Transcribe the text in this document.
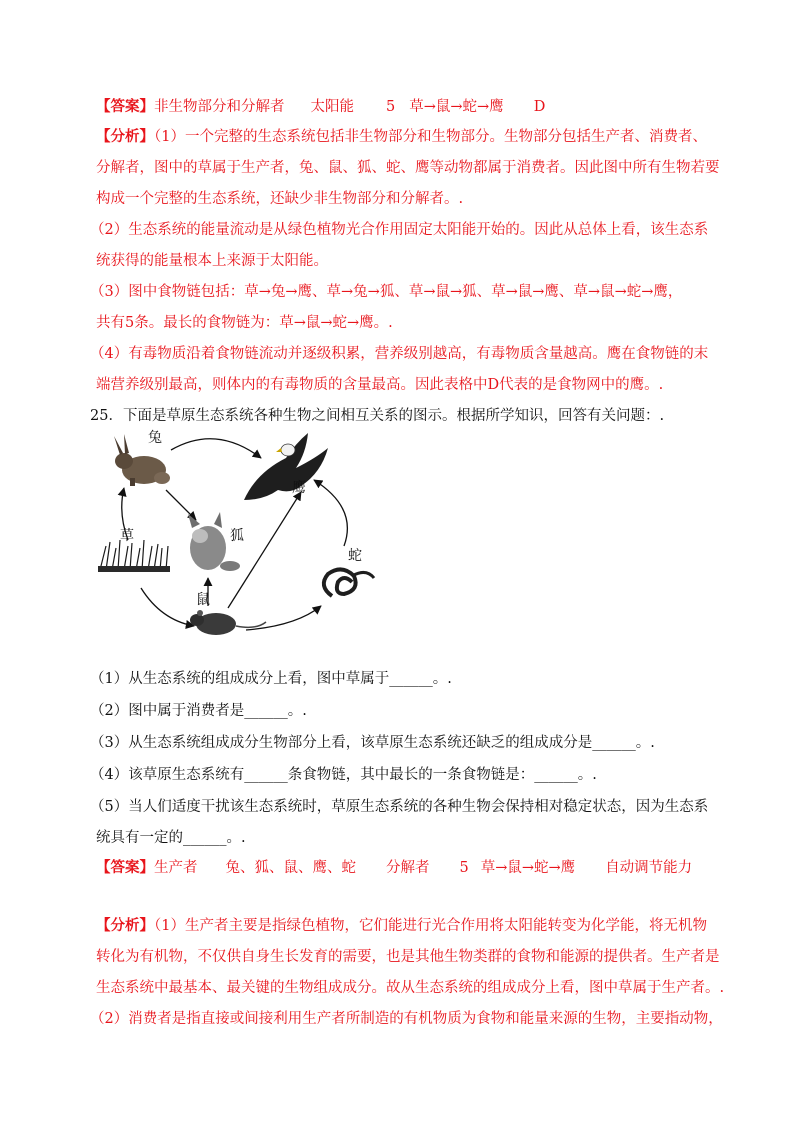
【答案】非生物部分和分解者 太阳能 5 草→鼠→蛇→鹰 D
【分析】（1）一个完整的生态系统包括非生物部分和生物部分。生物部分包括生产者、消费者、
分解者，图中的草属于生产者，兔、鼠、狐、蛇、鹰等动物都属于消费者。因此图中所有生物若要
构成一个完整的生态系统，还缺少非生物部分和分解者。.
（2）生态系统的能量流动是从绿色植物光合作用固定太阳能开始的。因此从总体上看，该生态系
统获得的能量根本上来源于太阳能。
（3）图中食物链包括：草→兔→鹰、草→兔→狐、草→鼠→狐、草→鼠→鹰、草→鼠→蛇→鹰，
共有5条。最长的食物链为：草→鼠→蛇→鹰。.
（4）有毒物质沿着食物链流动并逐级积累，营养级别越高，有毒物质含量越高。鹰在食物链的末
端营养级别最高，则体内的有毒物质的含量最高。因此表格中D代表的是食物网中的鹰。.
25．下面是草原生态系统各种生物之间相互关系的图示。根据所学知识，回答有关问题：.
兔
鹰
草	狐
蛇
鼠
（1）从生态系统的组成成分上看，图中草属于______。.
（2）图中属于消费者是______。.
（3）从生态系统组成成分生物部分上看，该草原生态系统还缺乏的组成成分是______。.
（4）该草原生态系统有______条食物链，其中最长的一条食物链是：______。.
（5）当人们适度干扰该生态系统时，草原生态系统的各种生物会保持相对稳定状态，因为生态系
统具有一定的______。.
【答案】生产者 兔、狐、鼠、鹰、蛇 分解者 5 草→鼠→蛇→鹰 自动调节能力
【分析】（1）生产者主要是指绿色植物，它们能进行光合作用将太阳能转变为化学能，将无机物
转化为有机物，不仅供自身生长发育的需要，也是其他生物类群的食物和能源的提供者。生产者是
生态系统中最基本、最关键的生物组成成分。故从生态系统的组成成分上看，图中草属于生产者。.
（2）消费者是指直接或间接利用生产者所制造的有机物质为食物和能量来源的生物，主要指动物，
